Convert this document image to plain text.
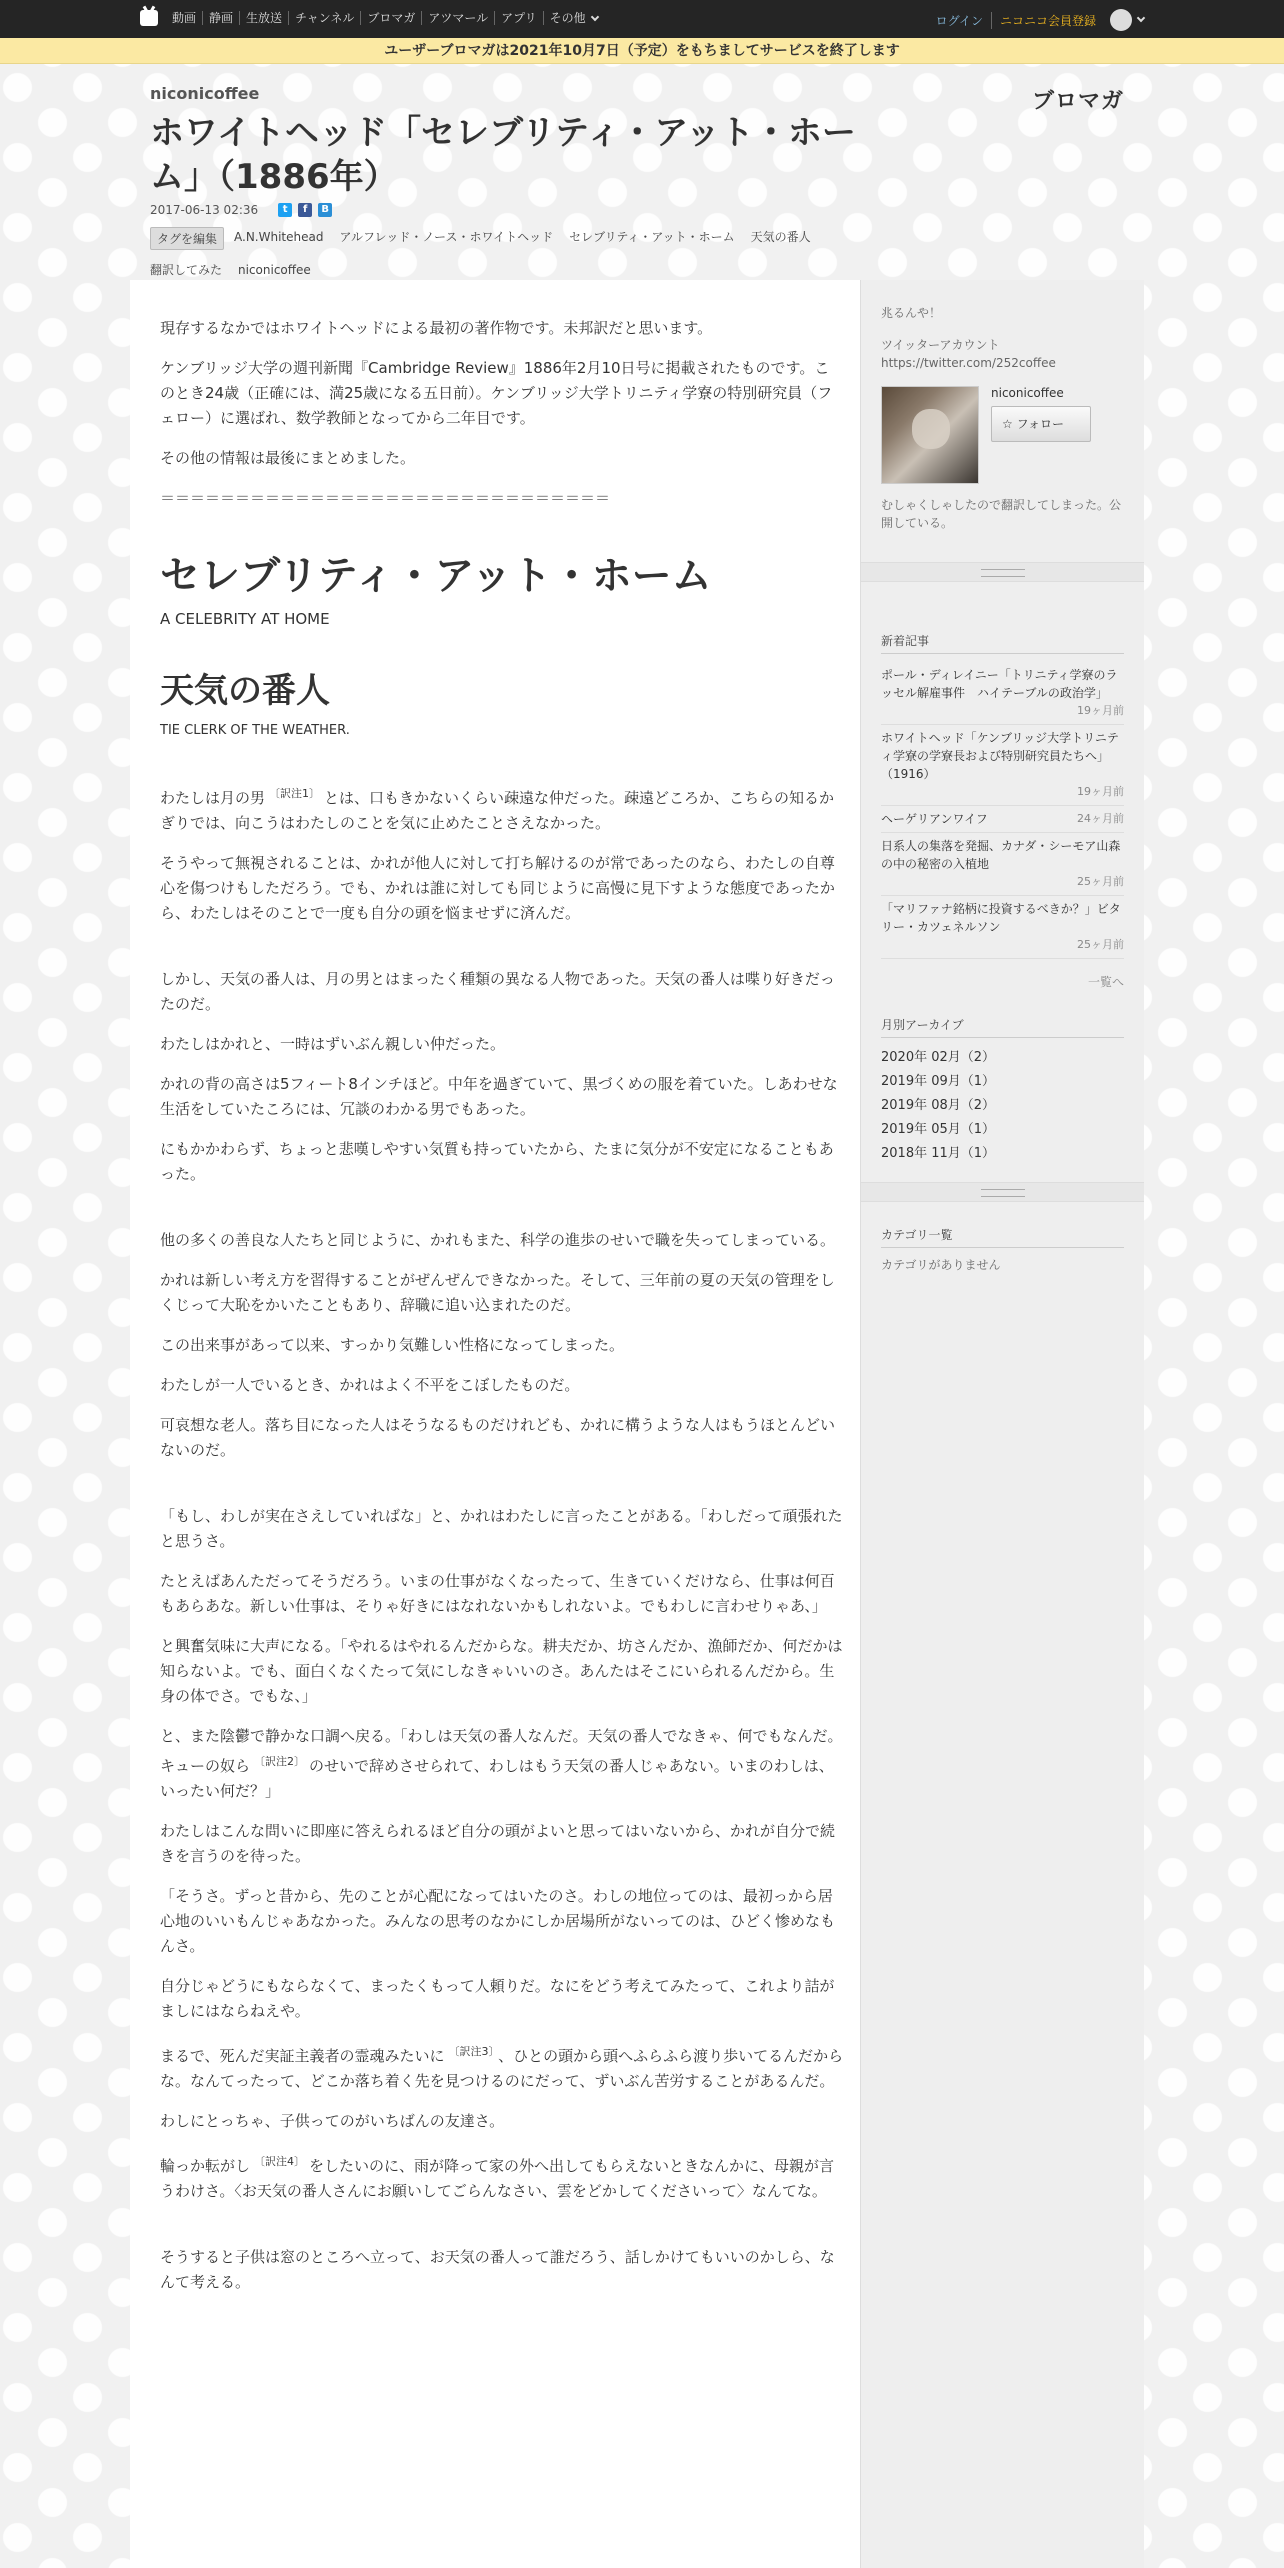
動画	静画	生放送	チャンネル	ブロマガ	アツマール	アプリ	その他	ログイン	ニコニコ会員登録
ユーザーブロマガは2021年10月7日（予定）をもちましてサービスを終了します
niconicoffee	ブロマガ
ホワイトヘッド「セレブリティ・アット・ホーム」（1886年）
2017-06-13 02:36	t	f	B
タグを編集	A.N.Whitehead アルフレッド・ノース・ホワイトヘッド セレブリティ・アット・ホーム 天気の番人
翻訳してみた niconicoffee

現存するなかではホワイトヘッドによる最初の著作物です。未邦訳だと思います。

ケンブリッジ大学の週刊新聞『Cambridge Review』1886年2月10日号に掲載されたものです。このとき24歳（正確には、満25歳になる五日前）。ケンブリッジ大学トリニティ学寮の特別研究員（フェロー）に選ばれ、数学教師となってから二年目です。

その他の情報は最後にまとめました。

＝＝＝＝＝＝＝＝＝＝＝＝＝＝＝＝＝＝＝＝＝＝＝＝＝＝＝＝＝＝

セレブリティ・アット・ホーム
A CELEBRITY AT HOME
天気の番人
TIE CLERK OF THE WEATHER.

わたしは月の男 $^{〔訳注1〕}$ とは、口もきかないくらい疎遠な仲だった。疎遠どころか、こちらの知るかぎりでは、向こうはわたしのことを気に止めたことさえなかった。

そうやって無視されることは、かれが他人に対して打ち解けるのが常であったのなら、わたしの自尊心を傷つけもしただろう。でも、かれは誰に対しても同じように高慢に見下すような態度であったから、わたしはそのことで一度も自分の頭を悩ませずに済んだ。

しかし、天気の番人は、月の男とはまったく種類の異なる人物であった。天気の番人は喋り好きだったのだ。

わたしはかれと、一時はずいぶん親しい仲だった。

かれの背の高さは5フィート8インチほど。中年を過ぎていて、黒づくめの服を着ていた。しあわせな生活をしていたころには、冗談のわかる男でもあった。

にもかかわらず、ちょっと悲嘆しやすい気質も持っていたから、たまに気分が不安定になることもあった。

他の多くの善良な人たちと同じように、かれもまた、科学の進歩のせいで職を失ってしまっている。

かれは新しい考え方を習得することがぜんぜんできなかった。そして、三年前の夏の天気の管理をしくじって大恥をかいたこともあり、辞職に追い込まれたのだ。

この出来事があって以来、すっかり気難しい性格になってしまった。

わたしが一人でいるとき、かれはよく不平をこぼしたものだ。

可哀想な老人。落ち目になった人はそうなるものだけれども、かれに構うような人はもうほとんどいないのだ。

「もし、わしが実在さえしていればな」と、かれはわたしに言ったことがある。「わしだって頑張れたと思うさ。

たとえばあんただってそうだろう。いまの仕事がなくなったって、生きていくだけなら、仕事は何百もあらあな。新しい仕事は、そりゃ好きにはなれないかもしれないよ。でもわしに言わせりゃあ、」

と興奮気味に大声になる。「やれるはやれるんだからな。耕夫だか、坊さんだか、漁師だか、何だかは知らないよ。でも、面白くなくたって気にしなきゃいいのさ。あんたはそこにいられるんだから。生身の体でさ。でもな、」

と、また陰鬱で静かな口調へ戻る。「わしは天気の番人なんだ。天気の番人でなきゃ、何でもなんだ。キューの奴ら $^{〔訳注2〕}$ のせいで辞めさせられて、わしはもう天気の番人じゃあない。いまのわしは、いったい何だ？」

わたしはこんな問いに即座に答えられるほど自分の頭がよいと思ってはいないから、かれが自分で続きを言うのを待った。

「そうさ。ずっと昔から、先のことが心配になってはいたのさ。わしの地位ってのは、最初っから居心地のいいもんじゃあなかった。みんなの思考のなかにしか居場所がないってのは、ひどく惨めなもんさ。

自分じゃどうにもならなくて、まったくもって人頼りだ。なにをどう考えてみたって、これより詰がましにはならねえや。

まるで、死んだ実証主義者の霊魂みたいに $^{〔訳注3〕}$ 、ひとの頭から頭へふらふら渡り歩いてるんだからな。なんてったって、どこか落ち着く先を見つけるのにだって、ずいぶん苦労することがあるんだ。

わしにとっちゃ、子供ってのがいちばんの友達さ。

輪っか転がし $^{〔訳注4〕}$ をしたいのに、雨が降って家の外へ出してもらえないときなんかに、母親が言うわけさ。〈お天気の番人さんにお願いしてごらんなさい、雲をどかしてくださいって〉なんてな。

そうすると子供は窓のところへ立って、お天気の番人って誰だろう、話しかけてもいいのかしら、なんて考える。

兆るんや！

ツイッターアカウント https://twitter.com/252coffee

niconicoffee
☆ フォロー

むしゃくしゃしたので翻訳してしまった。公開している。

新着記事
ポール・ディレイニー「トリニティ学寮のラッセル解雇事件　ハイテーブルの政治学」
19ヶ月前
ホワイトヘッド「ケンブリッジ大学トリニティ学寮の学寮長および特別研究員たちへ」（1916）
19ヶ月前
ヘーゲリアンワイフ	24ヶ月前
日系人の集落を発掘、カナダ・シーモア山森の中の秘密の入植地
25ヶ月前
「マリファナ銘柄に投資するべきか？」ビタリー・カツェネルソン
25ヶ月前
一覧へ
月別アーカイブ
2020年 02月（2）
2019年 09月（1）
2019年 08月（2）
2019年 05月（1）
2018年 11月（1）
カテゴリ一覧
カテゴリがありません
